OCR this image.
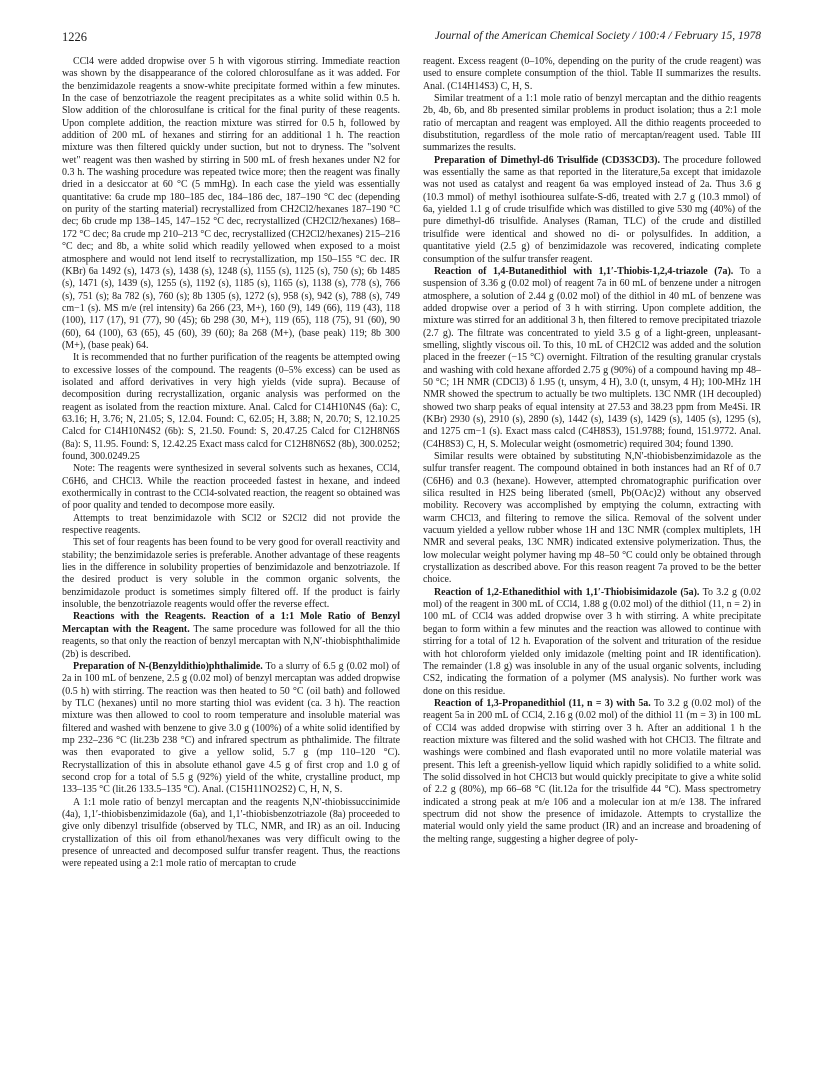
1226	Journal of the American Chemical Society / 100:4 / February 15, 1978

CCl4 were added dropwise over 5 h with vigorous stirring. Immediate reaction was shown by the disappearance of the colored chlorosulfane as it was added. For the benzimidazole reagents a snow-white precipitate formed within a few minutes. In the case of benzotriazole the reagent precipitates as a white solid within 0.5 h. Slow addition of the chlorosulfane is critical for the final purity of these reagents. Upon complete addition, the reaction mixture was stirred for 0.5 h, followed by addition of 200 mL of hexanes and stirring for an additional 1 h. The reaction mixture was then filtered quickly under suction, but not to dryness. The "solvent wet" reagent was then washed by stirring in 500 mL of fresh hexanes under N2 for 0.3 h. The washing procedure was repeated twice more; then the reagent was finally dried in a desiccator at 60 °C (5 mmHg). In each case the yield was essentially quantitative: 6a crude mp 180–185 dec, 184–186 dec, 187–190 °C dec (depending on purity of the starting material) recrystallized from CH2Cl2/hexanes 187–190 °C dec; 6b crude mp 138–145, 147–152 °C dec, recrystallized (CH2Cl2/hexanes) 168–172 °C dec; 8a crude mp 210–213 °C dec, recrystallized (CH2Cl2/hexanes) 215–216 °C dec; and 8b, a white solid which readily yellowed when exposed to a moist atmosphere and would not lend itself to recrystallization, mp 150–155 °C dec. IR (KBr) 6a 1492 (s), 1473 (s), 1438 (s), 1248 (s), 1155 (s), 1125 (s), 750 (s); 6b 1485 (s), 1471 (s), 1439 (s), 1255 (s), 1192 (s), 1185 (s), 1165 (s), 1138 (s), 778 (s), 766 (s), 751 (s); 8a 782 (s), 760 (s); 8b 1305 (s), 1272 (s), 958 (s), 942 (s), 788 (s), 749 cm−1 (s). MS m/e (rel intensity) 6a 266 (23, M+), 160 (9), 149 (66), 119 (43), 118 (100), 117 (17), 91 (77), 90 (45); 6b 298 (30, M+), 119 (65), 118 (75), 91 (60), 90 (60), 64 (100), 63 (65), 45 (60), 39 (60); 8a 268 (M+), (base peak) 119; 8b 300 (M+), (base peak) 64.

It is recommended that no further purification of the reagents be attempted owing to excessive losses of the compound. The reagents (0–5% excess) can be used as isolated and afford derivatives in very high yields (vide supra). Because of decomposition during recrystallization, organic analysis was performed on the reagent as isolated from the reaction mixture. Anal. Calcd for C14H10N4S (6a): C, 63.16; H, 3.76; N, 21.05; S, 12.04. Found: C, 62.05; H, 3.88; N, 20.70; S, 12.10.25 Calcd for C14H10N4S2 (6b): S, 21.50. Found: S, 20.47.25 Calcd for C12H8N6S (8a): S, 11.95. Found: S, 12.42.25 Exact mass calcd for C12H8N6S2 (8b), 300.0252; found, 300.0249.25

Note: The reagents were synthesized in several solvents such as hexanes, CCl4, C6H6, and CHCl3. While the reaction proceeded fastest in hexane, and indeed exothermically in contrast to the CCl4-solvated reaction, the reagent so obtained was of poor quality and tended to decompose more easily.

Attempts to treat benzimidazole with SCl2 or S2Cl2 did not provide the respective reagents.

This set of four reagents has been found to be very good for overall reactivity and stability; the benzimidazole series is preferable. Another advantage of these reagents lies in the difference in solubility properties of benzimidazole and benzotriazole. If the desired product is very soluble in the common organic solvents, the benzimidazole product is sometimes simply filtered off. If the product is fairly insoluble, the benzotriazole reagents would offer the reverse effect.

Reactions with the Reagents. Reaction of a 1:1 Mole Ratio of Benzyl Mercaptan with the Reagent. The same procedure was followed for all the thio reagents, so that only the reaction of benzyl mercaptan with N,N′-thiobisphthalimide (2b) is described.

Preparation of N-(Benzyldithio)phthalimide. To a slurry of 6.5 g (0.02 mol) of 2a in 100 mL of benzene, 2.5 g (0.02 mol) of benzyl mercaptan was added dropwise (0.5 h) with stirring. The reaction was then heated to 50 °C (oil bath) and followed by TLC (hexanes) until no more starting thiol was evident (ca. 3 h). The reaction mixture was then allowed to cool to room temperature and insoluble material was filtered and washed with benzene to give 3.0 g (100%) of a white solid identified by mp 232–236 °C (lit.23b 238 °C) and infrared spectrum as phthalimide. The filtrate was then evaporated to give a yellow solid, 5.7 g (mp 110–120 °C). Recrystallization of this in absolute ethanol gave 4.5 g of first crop and 1.0 g of second crop for a total of 5.5 g (92%) yield of the white, crystalline product, mp 133–135 °C (lit.26 133.5–135 °C). Anal. (C15H11NO2S2) C, H, N, S.

A 1:1 mole ratio of benzyl mercaptan and the reagents N,N′-thiobissuccinimide (4a), 1,1′-thiobisbenzimidazole (6a), and 1,1′-thiobisbenzotriazole (8a) proceeded to give only dibenzyl trisulfide (observed by TLC, NMR, and IR) as an oil. Inducing crystallization of this oil from ethanol/hexanes was very difficult owing to the presence of unreacted and decomposed sulfur transfer reagent. Thus, the reactions were repeated using a 2:1 mole ratio of mercaptan to crude

reagent. Excess reagent (0–10%, depending on the purity of the crude reagent) was used to ensure complete consumption of the thiol. Table II summarizes the results. Anal. (C14H14S3) C, H, S.

Similar treatment of a 1:1 mole ratio of benzyl mercaptan and the dithio reagents 2b, 4b, 6b, and 8b presented similar problems in product isolation; thus a 2:1 mole ratio of mercaptan and reagent was employed. All the dithio reagents proceeded to disubstitution, regardless of the mole ratio of mercaptan/reagent used. Table III summarizes the results.

Preparation of Dimethyl-d6 Trisulfide (CD3S3CD3). The procedure followed was essentially the same as that reported in the literature,5a except that imidazole was not used as catalyst and reagent 6a was employed instead of 2a. Thus 3.6 g (10.3 mmol) of methyl isothiourea sulfate-S-d6, treated with 2.7 g (10.3 mmol) of 6a, yielded 1.1 g of crude trisulfide which was distilled to give 530 mg (40%) of the pure dimethyl-d6 trisulfide. Analyses (Raman, TLC) of the crude and distilled trisulfide were identical and showed no di- or polysulfides. In addition, a quantitative yield (2.5 g) of benzimidazole was recovered, indicating complete consumption of the sulfur transfer reagent.

Reaction of 1,4-Butanedithiol with 1,1′-Thiobis-1,2,4-triazole (7a). To a suspension of 3.36 g (0.02 mol) of reagent 7a in 60 mL of benzene under a nitrogen atmosphere, a solution of 2.44 g (0.02 mol) of the dithiol in 40 mL of benzene was added dropwise over a period of 3 h with stirring. Upon complete addition, the mixture was stirred for an additional 3 h, then filtered to remove precipitated triazole (2.7 g). The filtrate was concentrated to yield 3.5 g of a light-green, unpleasant-smelling, slightly viscous oil. To this, 10 mL of CH2Cl2 was added and the solution placed in the freezer (−15 °C) overnight. Filtration of the resulting granular crystals and washing with cold hexane afforded 2.75 g (90%) of a compound having mp 48–50 °C; 1H NMR (CDCl3) δ 1.95 (t, unsym, 4 H), 3.0 (t, unsym, 4 H); 100-MHz 1H NMR showed the spectrum to actually be two multiplets. 13C NMR (1H decoupled) showed two sharp peaks of equal intensity at 27.53 and 38.23 ppm from Me4Si. IR (KBr) 2930 (s), 2910 (s), 2890 (s), 1442 (s), 1439 (s), 1429 (s), 1405 (s), 1295 (s), and 1275 cm−1 (s). Exact mass calcd (C4H8S3), 151.9788; found, 151.9772. Anal. (C4H8S3) C, H, S. Molecular weight (osmometric) required 304; found 1390.

Similar results were obtained by substituting N,N′-thiobisbenzimidazole as the sulfur transfer reagent. The compound obtained in both instances had an Rf of 0.7 (C6H6) and 0.3 (hexane). However, attempted chromatographic purification over silica resulted in H2S being liberated (smell, Pb(OAc)2) without any observed mobility. Recovery was accomplished by emptying the column, extracting with warm CHCl3, and filtering to remove the silica. Removal of the solvent under vacuum yielded a yellow rubber whose 1H and 13C NMR (complex multiplets, 1H NMR and several peaks, 13C NMR) indicated extensive polymerization. Thus, the low molecular weight polymer having mp 48–50 °C could only be obtained through crystallization as described above. For this reason reagent 7a proved to be the better choice.

Reaction of 1,2-Ethanedithiol with 1,1′-Thiobisimidazole (5a). To 3.2 g (0.02 mol) of the reagent in 300 mL of CCl4, 1.88 g (0.02 mol) of the dithiol (11, n = 2) in 100 mL of CCl4 was added dropwise over 3 h with stirring. A white precipitate began to form within a few minutes and the reaction was allowed to continue with stirring for a total of 12 h. Evaporation of the solvent and trituration of the residue with hot chloroform yielded only imidazole (melting point and IR identification). The remainder (1.8 g) was insoluble in any of the usual organic solvents, including CS2, indicating the formation of a polymer (MS analysis). No further work was done on this residue.

Reaction of 1,3-Propanedithiol (11, n = 3) with 5a. To 3.2 g (0.02 mol) of the reagent 5a in 200 mL of CCl4, 2.16 g (0.02 mol) of the dithiol 11 (m = 3) in 100 mL of CCl4 was added dropwise with stirring over 3 h. After an additional 1 h the reaction mixture was filtered and the solid washed with hot CHCl3. The filtrate and washings were combined and flash evaporated until no more volatile material was present. This left a greenish-yellow liquid which rapidly solidified to a white solid. The solid dissolved in hot CHCl3 but would quickly precipitate to give a white solid of 2.2 g (80%), mp 66–68 °C (lit.12a for the trisulfide 44 °C). Mass spectrometry indicated a strong peak at m/e 106 and a molecular ion at m/e 138. The infrared spectrum did not show the presence of imidazole. Attempts to crystallize the material would only yield the same product (IR) and an increase and broadening of the melting range, suggesting a higher degree of poly-
